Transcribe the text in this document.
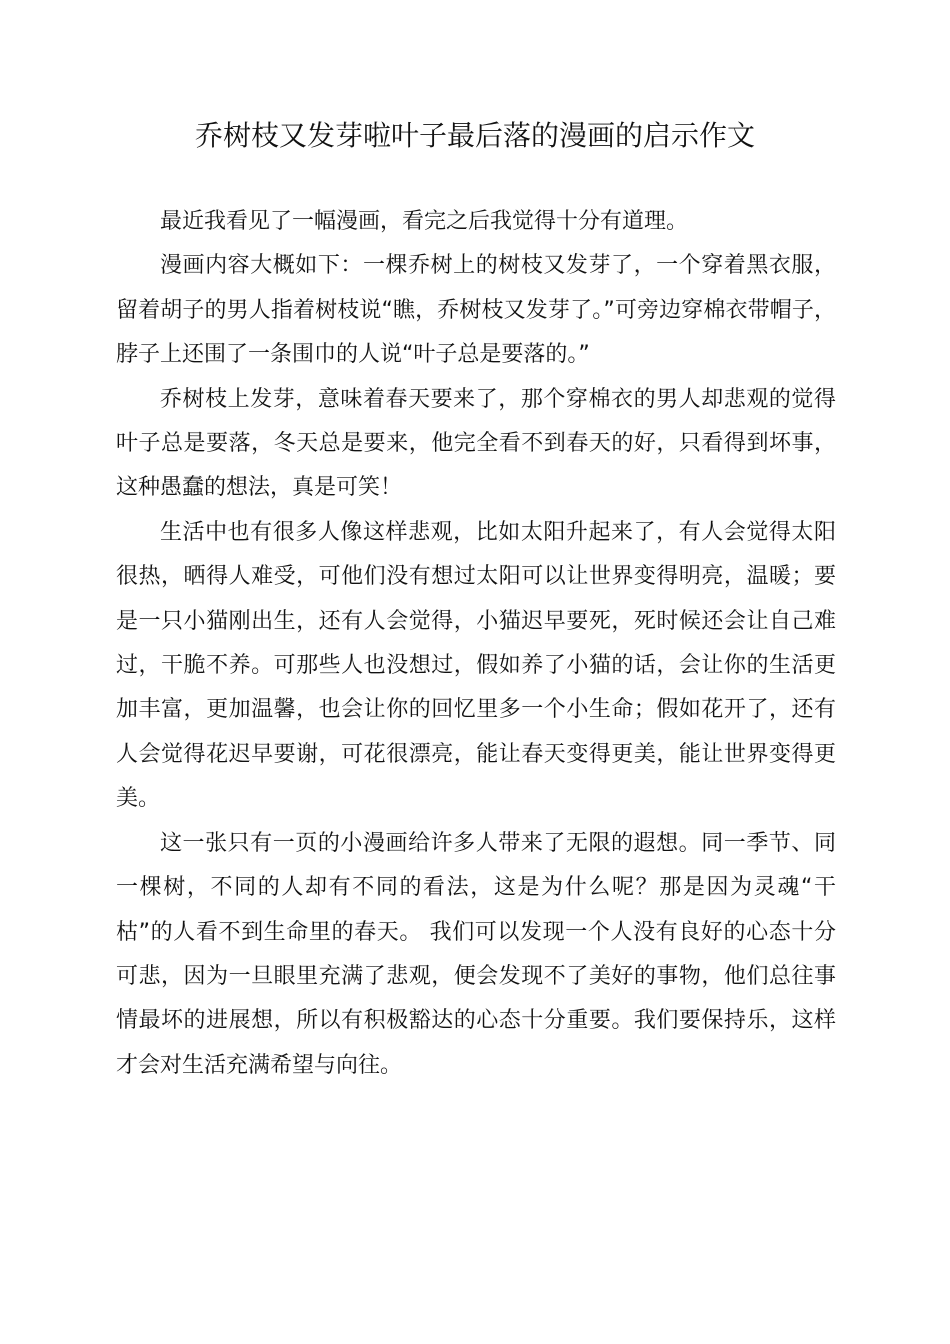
乔树枝又发芽啦叶子最后落的漫画的启示作文

最近我看见了一幅漫画，看完之后我觉得十分有道理。

漫画内容大概如下：一棵乔树上的树枝又发芽了，一个穿着黑衣服，留着胡子的男人指着树枝说“瞧，乔树枝又发芽了。”可旁边穿棉衣带帽子，脖子上还围了一条围巾的人说“叶子总是要落的。”

乔树枝上发芽，意味着春天要来了，那个穿棉衣的男人却悲观的觉得叶子总是要落，冬天总是要来，他完全看不到春天的好，只看得到坏事，这种愚蠢的想法，真是可笑！

生活中也有很多人像这样悲观，比如太阳升起来了，有人会觉得太阳很热，晒得人难受，可他们没有想过太阳可以让世界变得明亮，温暖；要是一只小猫刚出生，还有人会觉得，小猫迟早要死，死时候还会让自己难过，干脆不养。可那些人也没想过，假如养了小猫的话，会让你的生活更加丰富，更加温馨，也会让你的回忆里多一个小生命；假如花开了，还有人会觉得花迟早要谢，可花很漂亮，能让春天变得更美，能让世界变得更美。

这一张只有一页的小漫画给许多人带来了无限的遐想。同一季节、同一棵树，不同的人却有不同的看法，这是为什么呢？那是因为灵魂“干枯”的人看不到生命里的春天。 我们可以发现一个人没有良好的心态十分可悲，因为一旦眼里充满了悲观，便会发现不了美好的事物，他们总往事情最坏的进展想，所以有积极豁达的心态十分重要。我们要保持乐，这样才会对生活充满希望与向往。
